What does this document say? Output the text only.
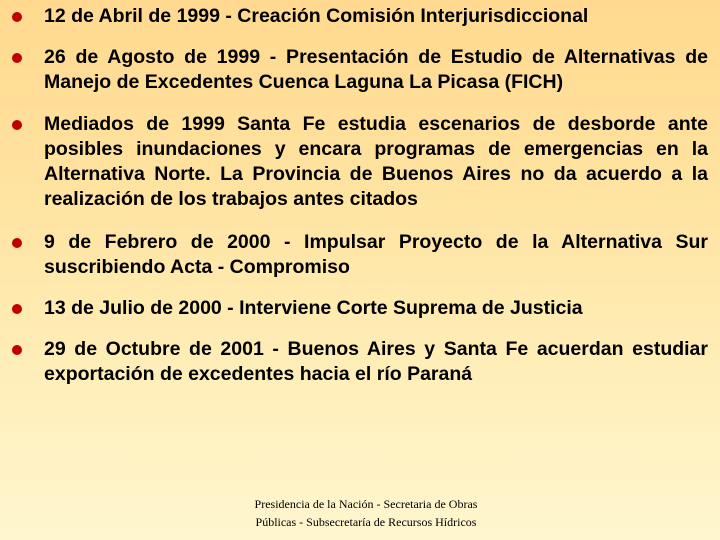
12 de Abril de 1999 - Creación Comisión Interjurisdiccional
26 de Agosto de 1999 - Presentación de Estudio de Alternativas de Manejo de Excedentes Cuenca Laguna La Picasa (FICH)
Mediados de 1999 Santa Fe estudia escenarios de desborde ante posibles inundaciones y encara programas de emergencias en la Alternativa Norte. La Provincia de Buenos Aires no da acuerdo a la realización de los trabajos antes citados
9 de Febrero de 2000 - Impulsar Proyecto de la Alternativa Sur suscribiendo Acta - Compromiso
13 de Julio de 2000 - Interviene Corte Suprema de Justicia
29 de Octubre de 2001 - Buenos Aires y Santa Fe acuerdan estudiar exportación de excedentes hacia el río Paraná
Presidencia de la Nación - Secretaria de Obras Públicas - Subsecretaría de Recursos Hídricos
